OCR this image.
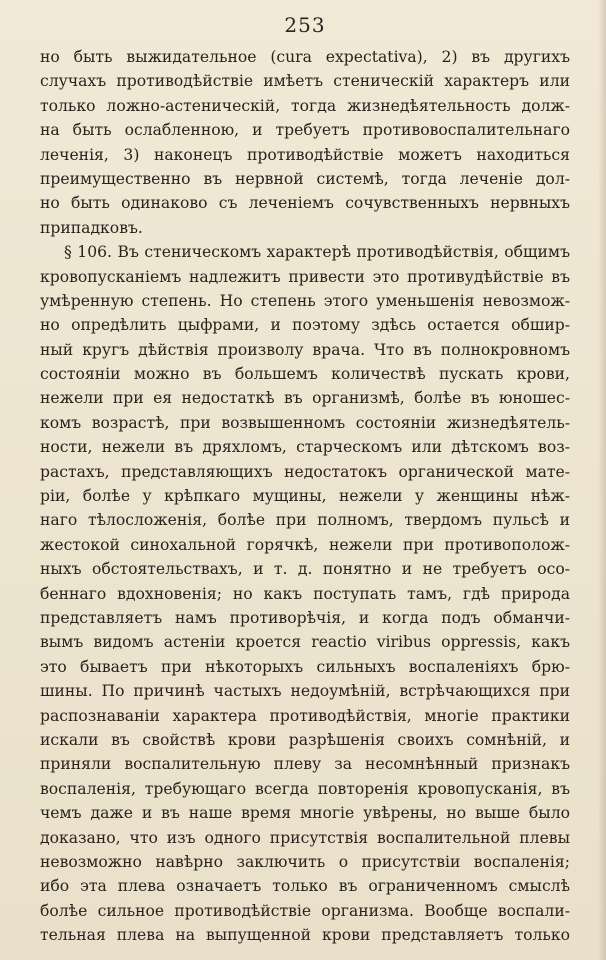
253
но быть выжидательное (cura expectativa), 2) въ другихъ
случахъ противодѣйствіе имѣетъ стеническій характеръ или
только ложно-астеническій, тогда жизнедѣятельность долж-
на быть ослабленною, и требуетъ противовоспалительнаго
леченія, 3) наконецъ противодѣйствіе можетъ находиться
преимущественно въ нервной системѣ, тогда леченіе дол-
но быть одинаково съ леченіемъ сочувственныхъ нервныхъ
припадковъ.
§ 106. Въ стеническомъ характерѣ противодѣйствія, общимъ
кровопусканіемъ надлежитъ привести это противудѣйствіе въ
умѣренную степень. Но степень этого уменьшенія невозмож-
но опредѣлить цыфрами, и поэтому здѣсь остается обшир-
ный кругъ дѣйствія произволу врача. Что въ полнокровномъ
состояніи можно въ большемъ количествѣ пускать крови,
нежели при ея недостаткѣ въ организмѣ, болѣе въ юношес-
комъ возрастѣ, при возвышенномъ состояніи жизнедѣятель-
ности, нежели въ дряхломъ, старческомъ или дѣтскомъ воз-
растахъ, представляющихъ недостатокъ органической мате-
ріи, болѣе у крѣпкаго мущины, нежели у женщины нѣж-
наго тѣлосложенія, болѣе при полномъ, твердомъ пульсѣ и
жестокой синохальной горячкѣ, нежели при противополож-
ныхъ обстоятельствахъ, и т. д. понятно и не требуетъ осо-
беннаго вдохновенія; но какъ поступать тамъ, гдѣ природа
представляетъ намъ противорѣчія, и когда подъ обманчи-
вымъ видомъ астеніи кроется reactio viribus oppressis, какъ
это бываетъ при нѣкоторыхъ сильныхъ воспаленіяхъ брю-
шины. По причинѣ частыхъ недоумѣній, встрѣчающихся при
распознаваніи характера противодѣйствія, многіе практики
искали въ свойствѣ крови разрѣшенія своихъ сомнѣній, и
приняли воспалительную плеву за несомнѣнный признакъ
воспаленія, требующаго всегда повторенія кровопусканія, въ
чемъ даже и въ наше время многіе увѣрены, но выше было
доказано, что изъ одного присутствія воспалительной плевы
невозможно навѣрно заключить о присутствіи воспаленія;
ибо эта плева означаетъ только въ ограниченномъ смыслѣ
болѣе сильное противодѣйствіе организма. Вообще воспали-
тельная плева на выпущенной крови представляетъ только
